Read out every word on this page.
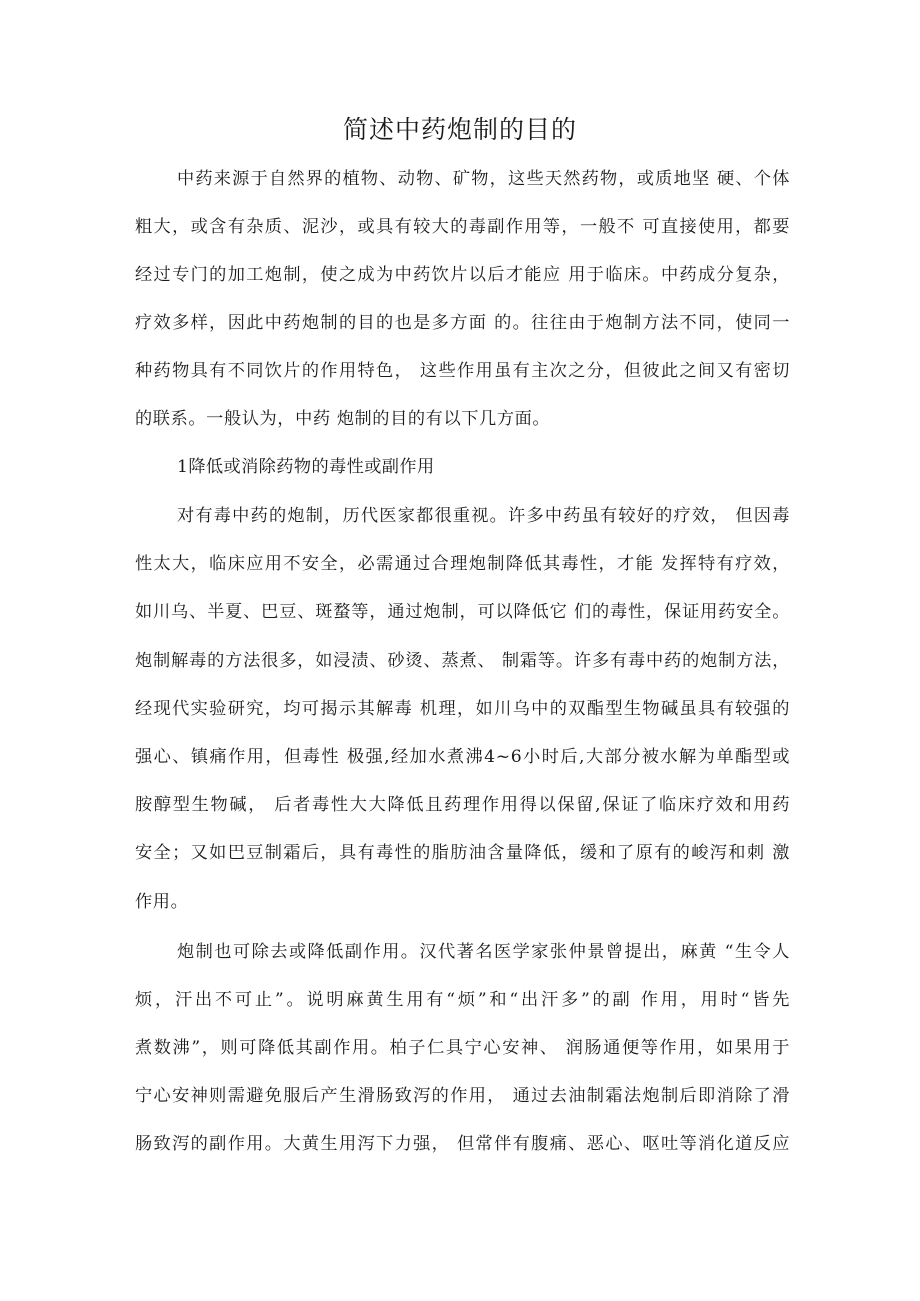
简述中药炮制的目的
中药来源于自然界的植物、动物、矿物，这些天然药物，或质地坚 硬、个体
粗大，或含有杂质、泥沙，或具有较大的毒副作用等，一般不 可直接使用，都要
经过专门的加工炮制，使之成为中药饮片以后才能应 用于临床。中药成分复杂，
疗效多样，因此中药炮制的目的也是多方面 的。往往由于炮制方法不同，使同一
种药物具有不同饮片的作用特色， 这些作用虽有主次之分，但彼此之间又有密切
的联系。一般认为，中药 炮制的目的有以下几方面。
1降低或消除药物的毒性或副作用
对有毒中药的炮制，历代医家都很重视。许多中药虽有较好的疗效， 但因毒
性太大，临床应用不安全，必需通过合理炮制降低其毒性，才能 发挥特有疗效，
如川乌、半夏、巴豆、斑蝥等，通过炮制，可以降低它 们的毒性，保证用药安全。
炮制解毒的方法很多，如浸渍、砂烫、蒸煮、 制霜等。许多有毒中药的炮制方法，
经现代实验研究，均可揭示其解毒 机理，如川乌中的双酯型生物碱虽具有较强的
强心、镇痛作用，但毒性 极强,经加水煮沸4~6小时后,大部分被水解为单酯型或
胺醇型生物碱， 后者毒性大大降低且药理作用得以保留,保证了临床疗效和用药
安全；又如巴豆制霜后，具有毒性的脂肪油含量降低，缓和了原有的峻泻和刺 激
作用。
炮制也可除去或降低副作用。汉代著名医学家张仲景曾提出，麻黄 “生令人
烦，汗出不可止”。说明麻黄生用有“烦”和“出汗多”的副 作用，用时“皆先
煮数沸”，则可降低其副作用。柏子仁具宁心安神、 润肠通便等作用，如果用于
宁心安神则需避免服后产生滑肠致泻的作用， 通过去油制霜法炮制后即消除了滑
肠致泻的副作用。大黄生用泻下力强， 但常伴有腹痛、恶心、呕吐等消化道反应
